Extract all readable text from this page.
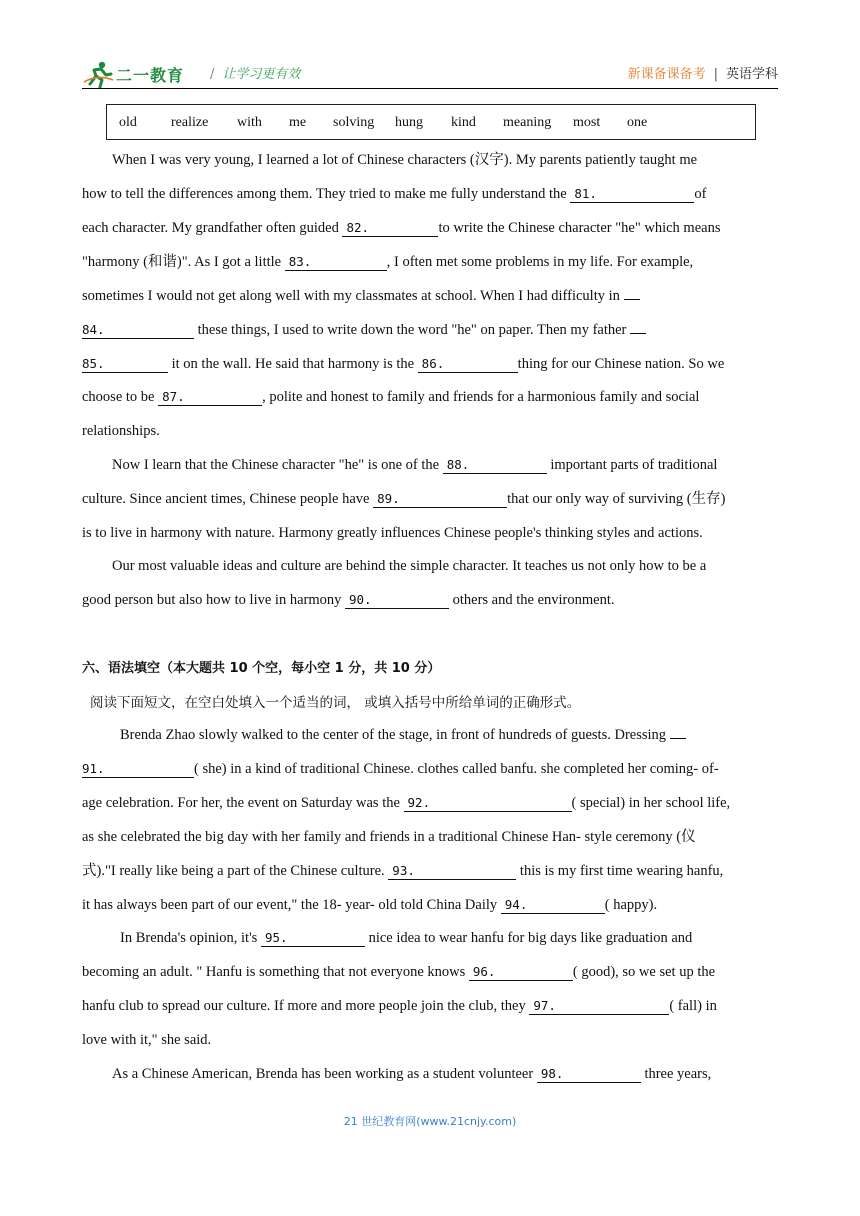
二一教育 / 让学习更有效	新课备课备考 | 英语学科
old realize with me solving hung kind meaning most one
When I was very young, I learned a lot of Chinese characters (汉字). My parents patiently taught me
how to tell the differences among them. They tried to make me fully understand the 81.	of
each character. My grandfather often guided 82.	to write the Chinese character "he" which means
"harmony (和谐)". As I got a little 83.	, I often met some problems in my life. For example,
sometimes I would not get along well with my classmates at school. When I had difficulty in
84.	these things, I used to write down the word "he" on paper. Then my father
85.	it on the wall. He said that harmony is the 86.	thing for our Chinese nation. So we
choose to be 87.	, polite and honest to family and friends for a harmonious family and social
relationships.
Now I learn that the Chinese character "he" is one of the 88.	important parts of traditional
culture. Since ancient times, Chinese people have 89.	that our only way of surviving (生存)
is to live in harmony with nature. Harmony greatly influences Chinese people's thinking styles and actions.
Our most valuable ideas and culture are behind the simple character. It teaches us not only how to be a
good person but also how to live in harmony 90.	others and the environment.
六、语法填空（本大题共 10 个空，每小空 1 分，共 10 分）
阅读下面短文，在空白处填入一个适当的词， 或填入括号中所给单词的正确形式。
Brenda Zhao slowly walked to the center of the stage, in front of hundreds of guests. Dressing
91.	( she) in a kind of traditional Chinese. clothes called banfu. she completed her coming- of-
age celebration. For her, the event on Saturday was the 92.	( special) in her school life,
as she celebrated the big day with her family and friends in a traditional Chinese Han- style ceremony (仪
式)."I really like being a part of the Chinese culture. 93.	this is my first time wearing hanfu,
it has always been part of our event," the 18- year- old told China Daily 94.	( happy).
In Brenda's opinion, it's 95.	nice idea to wear hanfu for big days like graduation and
becoming an adult. " Hanfu is something that not everyone knows 96.	( good), so we set up the
hanfu club to spread our culture. If more and more people join the club, they 97.	( fall) in
love with it," she said.
As a Chinese American, Brenda has been working as a student volunteer 98.	three years,
21 世纪教育网(www.21cnjy.com)
